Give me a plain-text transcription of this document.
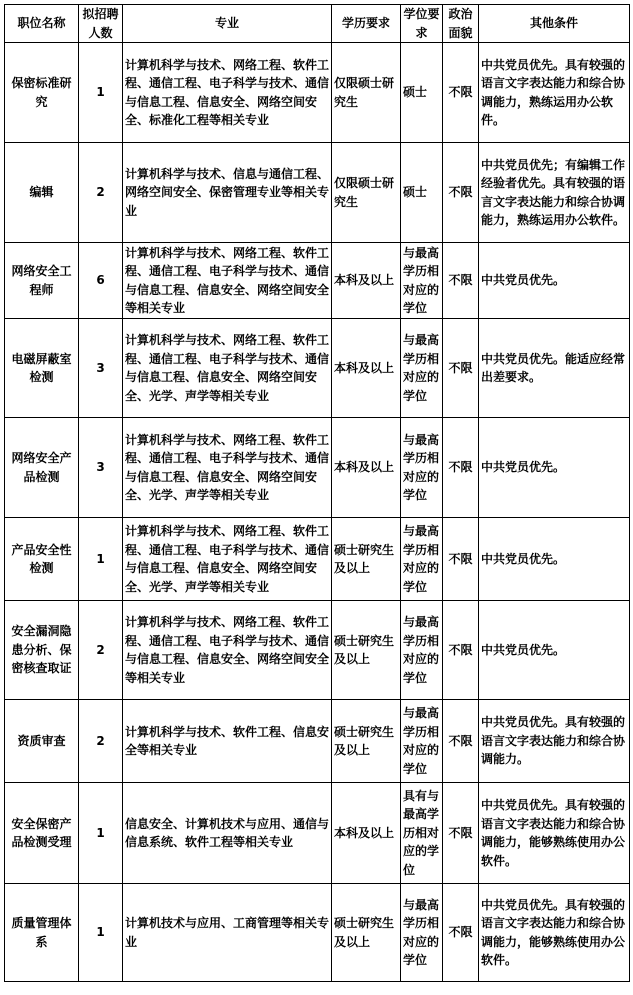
职位名称	拟招聘人数	专业	学历要求	学位要求	政治面貌	其他条件
保密标准研究	1	计算机科学与技术、网络工程、软件工程、通信工程、电子科学与技术、通信与信息工程、信息安全、网络空间安全、标准化工程等相关专业	仅限硕士研究生	硕士	不限	中共党员优先。具有较强的语言文字表达能力和综合协调能力，熟练运用办公软件。
编辑	2	计算机科学与技术、信息与通信工程、网络空间安全、保密管理专业等相关专业	仅限硕士研究生	硕士	不限	中共党员优先；有编辑工作经验者优先。具有较强的语言文字表达能力和综合协调能力，熟练运用办公软件。
网络安全工程师	6	计算机科学与技术、网络工程、软件工程、通信工程、电子科学与技术、通信与信息工程、信息安全、网络空间安全等相关专业	本科及以上	与最高学历相对应的学位	不限	中共党员优先。
电磁屏蔽室检测	3	计算机科学与技术、网络工程、软件工程、通信工程、电子科学与技术、通信与信息工程、信息安全、网络空间安全、光学、声学等相关专业	本科及以上	与最高学历相对应的学位	不限	中共党员优先。能适应经常出差要求。
网络安全产品检测	3	计算机科学与技术、网络工程、软件工程、通信工程、电子科学与技术、通信与信息工程、信息安全、网络空间安全、光学、声学等相关专业	本科及以上	与最高学历相对应的学位	不限	中共党员优先。
产品安全性检测	1	计算机科学与技术、网络工程、软件工程、通信工程、电子科学与技术、通信与信息工程、信息安全、网络空间安全、光学、声学等相关专业	硕士研究生及以上	与最高学历相对应的学位	不限	中共党员优先。
安全漏洞隐患分析、保密核查取证	2	计算机科学与技术、网络工程、软件工程、通信工程、电子科学与技术、通信与信息工程、信息安全、网络空间安全等相关专业	硕士研究生及以上	与最高学历相对应的学位	不限	中共党员优先。
资质审查	2	计算机科学与技术、软件工程、信息安全等相关专业	硕士研究生及以上	与最高学历相对应的学位	不限	中共党员优先。具有较强的语言文字表达能力和综合协调能力。
安全保密产品检测受理	1	信息安全、计算机技术与应用、通信与信息系统、软件工程等相关专业	本科及以上	具有与最高学历相对应的学位	不限	中共党员优先。具有较强的语言文字表达能力和综合协调能力，能够熟练使用办公软件。
质量管理体系	1	计算机技术与应用、工商管理等相关专业	硕士研究生及以上	与最高学历相对应的学位	不限	中共党员优先。具有较强的语言文字表达能力和综合协调能力，能够熟练使用办公软件。
